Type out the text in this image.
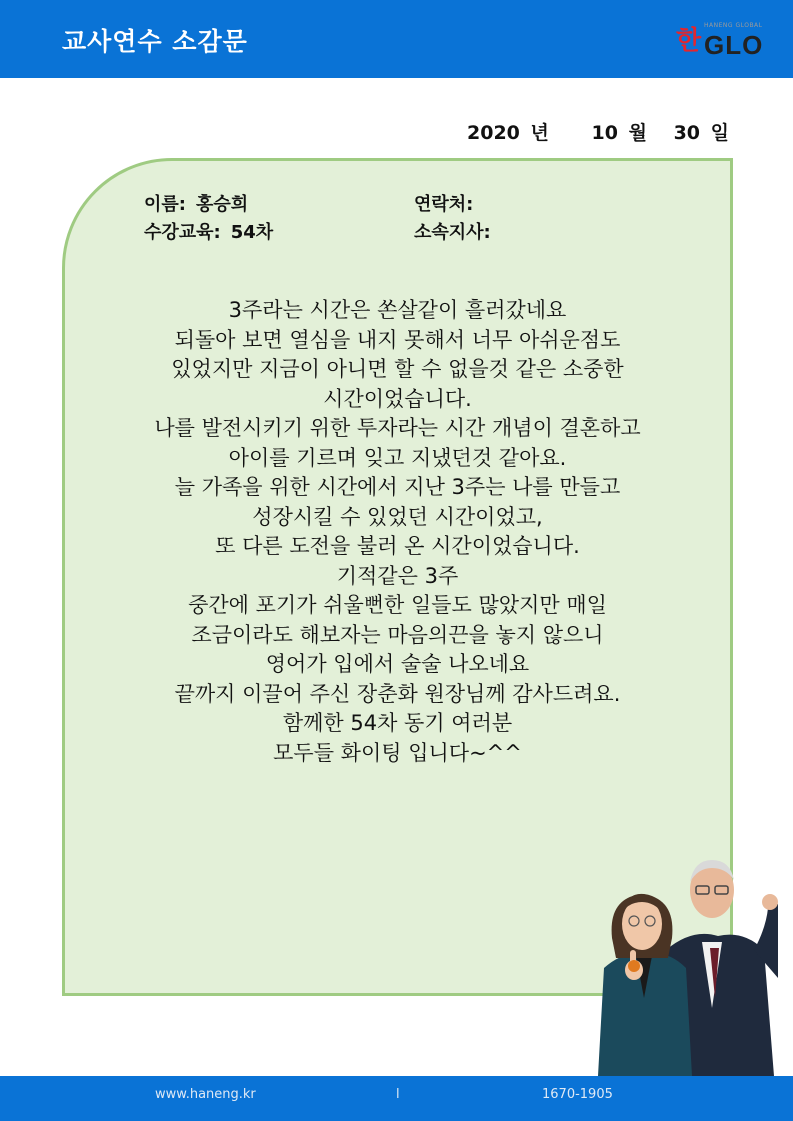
교사연수 소감문	한
HANENG GLOBAL
GLO
2020 년 10 월 30 일
이름: 홍승희
수강교육: 54차
연락처:
소속지사:

3주라는 시간은 쏜살같이 흘러갔네요

되돌아 보면 열심을 내지 못해서 너무 아쉬운점도

있었지만 지금이 아니면 할 수 없을것 같은 소중한

시간이었습니다.

나를 발전시키기 위한 투자라는 시간 개념이 결혼하고

아이를 기르며 잊고 지냈던것 같아요.

늘 가족을 위한 시간에서 지난 3주는 나를 만들고

성장시킬 수 있었던 시간이었고,

또 다른 도전을 불러 온 시간이었습니다.

기적같은 3주

중간에 포기가 쉬울뻔한 일들도 많았지만 매일

조금이라도 해보자는 마음의끈을 놓지 않으니

영어가 입에서 술술 나오네요

끝까지 이끌어 주신 장춘화 원장님께 감사드려요.

함께한 54차 동기 여러분

모두들 화이팅 입니다~^^

www.haneng.kr	l	1670-1905
